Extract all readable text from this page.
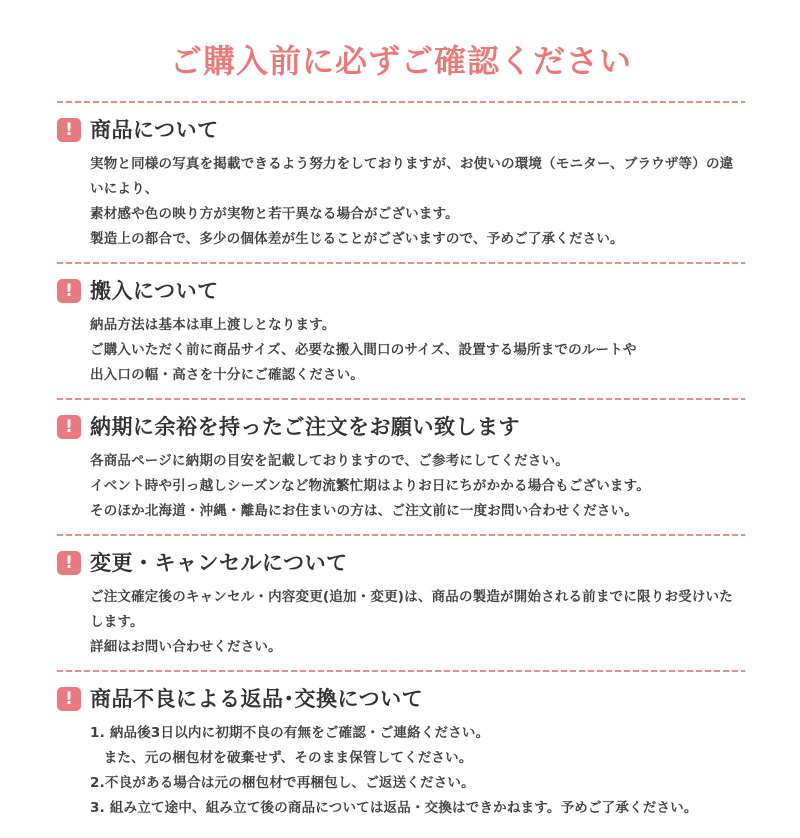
ご購入前に必ずご確認ください
! 商品について

実物と同様の写真を掲載できるよう努力をしておりますが、お使いの環境（モニター、ブラウザ等）の違いにより、

素材感や色の映り方が実物と若干異なる場合がございます。

製造上の都合で、多少の個体差が生じることがございますので、予めご了承ください。

! 搬入について

納品方法は基本は車上渡しとなります。

ご購入いただく前に商品サイズ、必要な搬入間口のサイズ、設置する場所までのルートや

出入口の幅・高さを十分にご確認ください。

! 納期に余裕を持ったご注文をお願い致します

各商品ページに納期の目安を記載しておりますので、ご参考にしてください。

イベント時や引っ越しシーズンなど物流繁忙期はよりお日にちがかかる場合もございます。

そのほか北海道・沖縄・離島にお住まいの方は、ご注文前に一度お問い合わせください。

! 変更・キャンセルについて

ご注文確定後のキャンセル・内容変更(追加・変更)は、商品の製造が開始される前までに限りお受けいたします。

詳細はお問い合わせください。

! 商品不良による返品･交換について

1. 納品後3日以内に初期不良の有無をご確認・ご連絡ください。

　また、元の梱包材を破棄せず、そのまま保管してください。

2.不良がある場合は元の梱包材で再梱包し、ご返送ください。

3. 組み立て途中、組み立て後の商品については返品・交換はできかねます。予めご了承ください。
